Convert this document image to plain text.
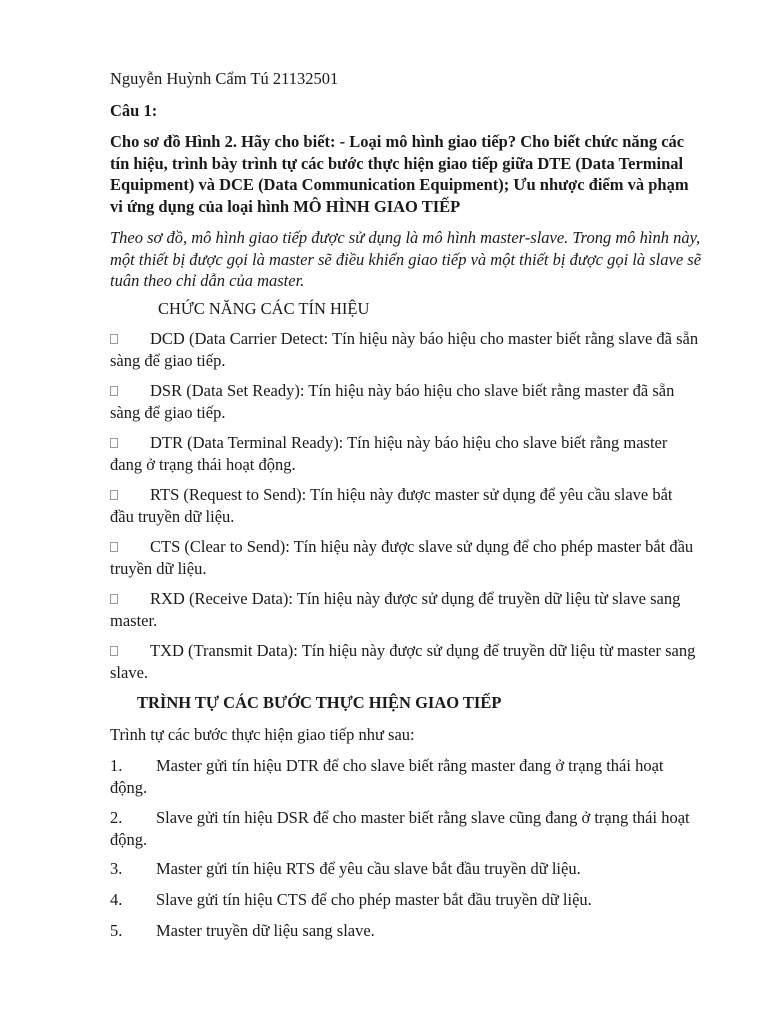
Nguyễn Huỳnh Cẩm Tú 21132501
Câu 1:
Cho sơ đồ Hình 2. Hãy cho biết: - Loại mô hình giao tiếp? Cho biết chức năng các tín hiệu, trình bày trình tự các bước thực hiện giao tiếp giữa DTE (Data Terminal Equipment) và DCE (Data Communication Equipment); Ưu nhược điểm và phạm vi ứng dụng của loại hình MÔ HÌNH GIAO TIẾP
Theo sơ đồ, mô hình giao tiếp được sử dụng là mô hình master-slave. Trong mô hình này, một thiết bị được gọi là master sẽ điều khiển giao tiếp và một thiết bị được gọi là slave sẽ tuân theo chỉ dẫn của master.
CHỨC NĂNG CÁC TÍN HIỆU
DCD (Data Carrier Detect: Tín hiệu này báo hiệu cho master biết rằng slave đã sẵn sàng để giao tiếp.
DSR (Data Set Ready): Tín hiệu này báo hiệu cho slave biết rằng master đã sẵn sàng để giao tiếp.
DTR (Data Terminal Ready): Tín hiệu này báo hiệu cho slave biết rằng master đang ở trạng thái hoạt động.
RTS (Request to Send): Tín hiệu này được master sử dụng để yêu cầu slave bắt đầu truyền dữ liệu.
CTS (Clear to Send): Tín hiệu này được slave sử dụng để cho phép master bắt đầu truyền dữ liệu.
RXD (Receive Data): Tín hiệu này được sử dụng để truyền dữ liệu từ slave sang master.
TXD (Transmit Data): Tín hiệu này được sử dụng để truyền dữ liệu từ master sang slave.
TRÌNH TỰ CÁC BƯỚC THỰC HIỆN GIAO TIẾP
Trình tự các bước thực hiện giao tiếp như sau:
1. Master gửi tín hiệu DTR để cho slave biết rằng master đang ở trạng thái hoạt động.
2. Slave gửi tín hiệu DSR để cho master biết rằng slave cũng đang ở trạng thái hoạt động.
3. Master gửi tín hiệu RTS để yêu cầu slave bắt đầu truyền dữ liệu.
4. Slave gửi tín hiệu CTS để cho phép master bắt đầu truyền dữ liệu.
5. Master truyền dữ liệu sang slave.
